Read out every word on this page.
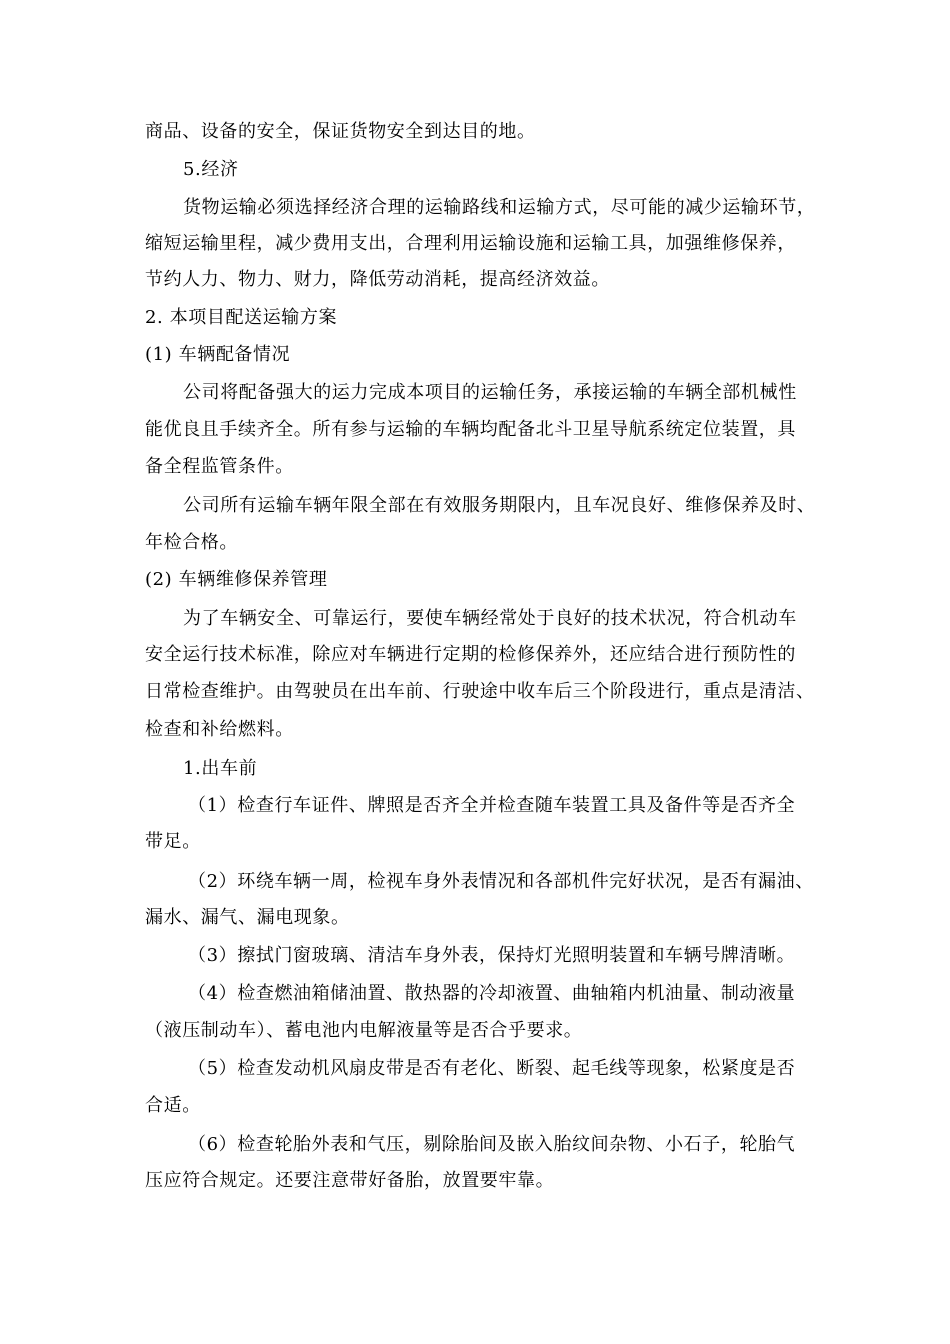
商品、设备的安全，保证货物安全到达目的地。
5.经济
货物运输必须选择经济合理的运输路线和运输方式，尽可能的减少运输环节，
缩短运输里程，减少费用支出，合理利用运输设施和运输工具，加强维修保养，
节约人力、物力、财力，降低劳动消耗，提高经济效益。
2. 本项目配送运输方案
(1) 车辆配备情况
公司将配备强大的运力完成本项目的运输任务，承接运输的车辆全部机械性
能优良且手续齐全。所有参与运输的车辆均配备北斗卫星导航系统定位装置，具
备全程监管条件。
公司所有运输车辆年限全部在有效服务期限内，且车况良好、维修保养及时、
年检合格。
(2) 车辆维修保养管理
为了车辆安全、可靠运行，要使车辆经常处于良好的技术状况，符合机动车
安全运行技术标准，除应对车辆进行定期的检修保养外，还应结合进行预防性的
日常检查维护。由驾驶员在出车前、行驶途中收车后三个阶段进行，重点是清洁、
检查和补给燃料。
1.出车前
（1）检查行车证件、牌照是否齐全并检查随车装置工具及备件等是否齐全
带足。
（2）环绕车辆一周，检视车身外表情况和各部机件完好状况，是否有漏油、
漏水、漏气、漏电现象。
（3）擦拭门窗玻璃、清洁车身外表，保持灯光照明装置和车辆号牌清晰。
（4）检查燃油箱储油置、散热器的冷却液置、曲轴箱内机油量、制动液量
（液压制动车）、蓄电池内电解液量等是否合乎要求。
（5）检查发动机风扇皮带是否有老化、断裂、起毛线等现象，松紧度是否
合适。
（6）检查轮胎外表和气压，剔除胎间及嵌入胎纹间杂物、小石子，轮胎气
压应符合规定。还要注意带好备胎，放置要牢靠。
